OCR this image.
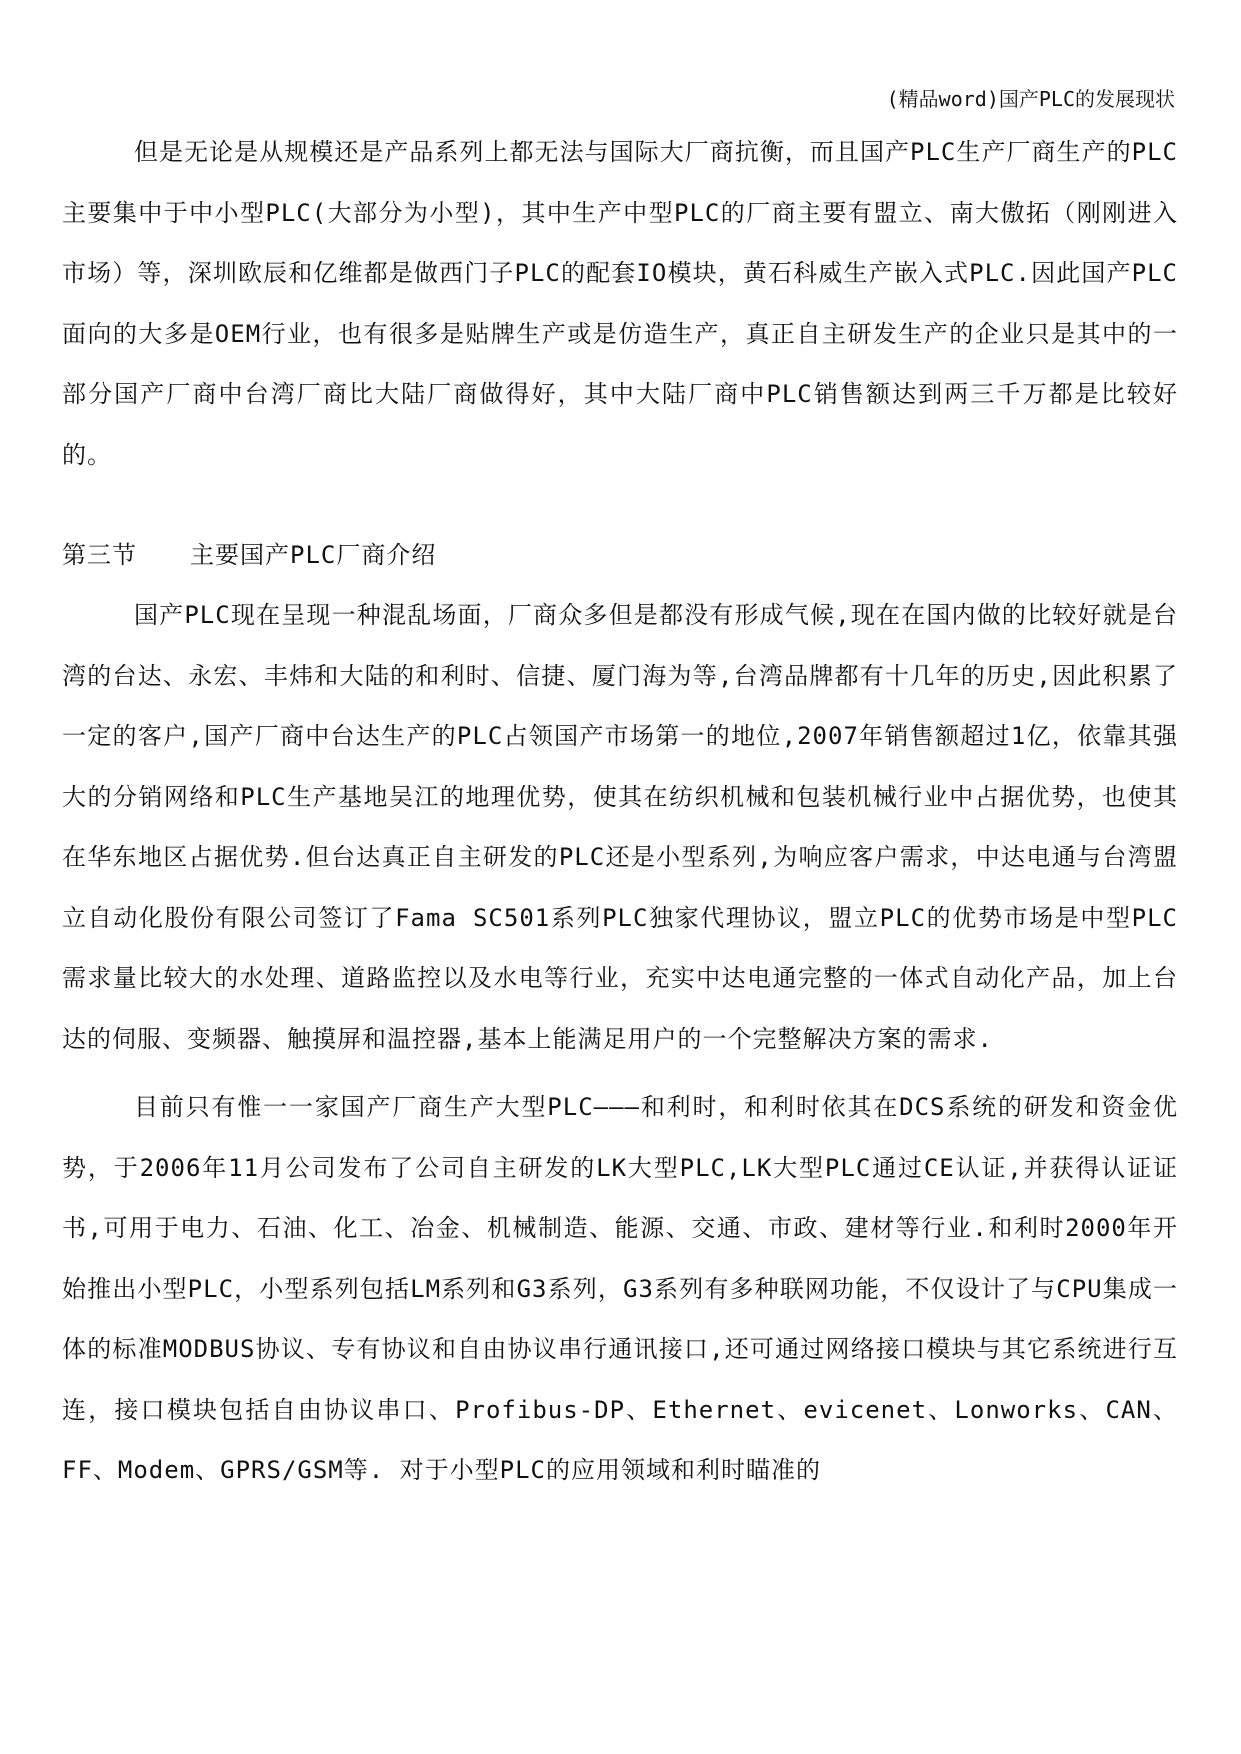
(精品word)国产PLC的发展现状

但是无论是从规模还是产品系列上都无法与国际大厂商抗衡，而且国产PLC生产厂商生产的PLC主要集中于中小型PLC(大部分为小型)，其中生产中型PLC的厂商主要有盟立、南大傲拓（刚刚进入市场）等，深圳欧辰和亿维都是做西门子PLC的配套IO模块，黄石科威生产嵌入式PLC.因此国产PLC面向的大多是OEM行业，也有很多是贴牌生产或是仿造生产，真正自主研发生产的企业只是其中的一部分国产厂商中台湾厂商比大陆厂商做得好，其中大陆厂商中PLC销售额达到两三千万都是比较好的。

第三节 主要国产PLC厂商介绍

国产PLC现在呈现一种混乱场面，厂商众多但是都没有形成气候,现在在国内做的比较好就是台湾的台达、永宏、丰炜和大陆的和利时、信捷、厦门海为等,台湾品牌都有十几年的历史,因此积累了一定的客户,国产厂商中台达生产的PLC占领国产市场第一的地位,2007年销售额超过1亿，依靠其强大的分销网络和PLC生产基地吴江的地理优势，使其在纺织机械和包装机械行业中占据优势，也使其在华东地区占据优势.但台达真正自主研发的PLC还是小型系列,为响应客户需求，中达电通与台湾盟立自动化股份有限公司签订了Fama SC501系列PLC独家代理协议，盟立PLC的优势市场是中型PLC需求量比较大的水处理、道路监控以及水电等行业，充实中达电通完整的一体式自动化产品，加上台达的伺服、变频器、触摸屏和温控器,基本上能满足用户的一个完整解决方案的需求.

目前只有惟一一家国产厂商生产大型PLC———和利时，和利时依其在DCS系统的研发和资金优势，于2006年11月公司发布了公司自主研发的LK大型PLC,LK大型PLC通过CE认证,并获得认证证书,可用于电力、石油、化工、冶金、机械制造、能源、交通、市政、建材等行业.和利时2000年开始推出小型PLC，小型系列包括LM系列和G3系列，G3系列有多种联网功能，不仅设计了与CPU集成一体的标准MODBUS协议、专有协议和自由协议串行通讯接口,还可通过网络接口模块与其它系统进行互连，接口模块包括自由协议串口、Profibus-DP、Ethernet、evicenet、Lonworks、CAN、FF、Modem、GPRS/GSM等. 对于小型PLC的应用领域和利时瞄准的
